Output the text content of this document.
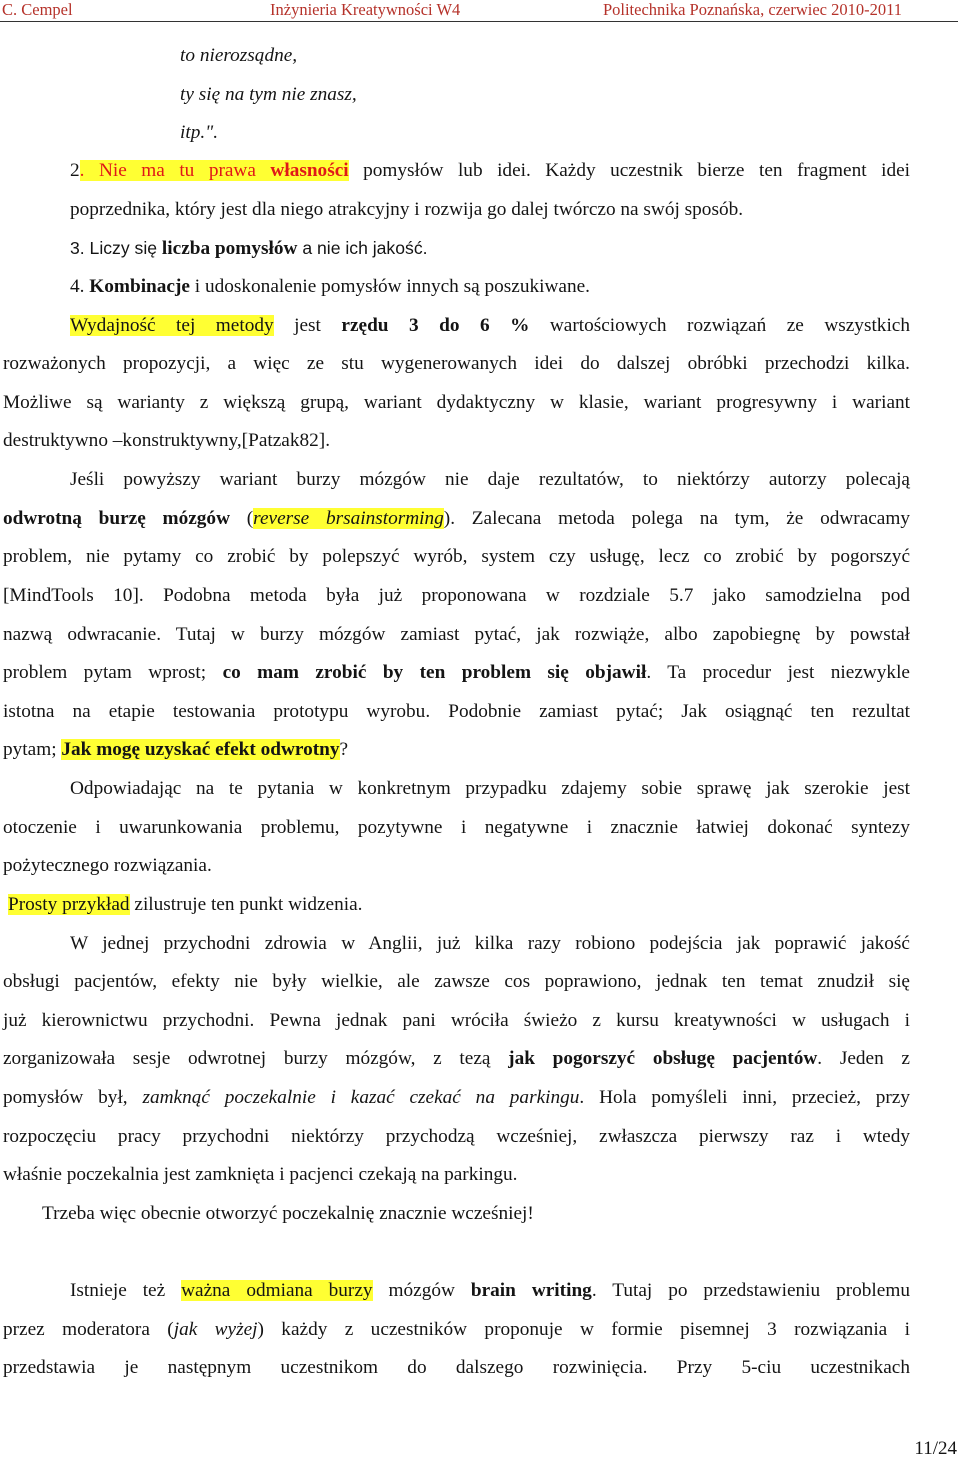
C. Cempel	Inżynieria Kreatywności W4	Politechnika Poznańska, czerwiec 2010-2011

to nierozsądne,

ty się na tym nie znasz,

itp.".

2. Nie ma tu prawa własności pomysłów lub idei. Każdy uczestnik bierze ten fragment idei

poprzednika, który jest dla niego atrakcyjny i rozwija go dalej twórczo na swój sposób.

3. Liczy się liczba pomysłów a nie ich jakość.

4. Kombinacje i udoskonalenie pomysłów innych są poszukiwane.

Wydajność tej metody jest rzędu 3 do 6 % wartościowych rozwiązań ze wszystkich

rozważonych propozycji, a więc ze stu wygenerowanych idei do dalszej obróbki przechodzi kilka.

Możliwe są warianty z większą grupą, wariant dydaktyczny w klasie, wariant progresywny i wariant

destruktywno –konstruktywny,[Patzak82].

Jeśli powyższy wariant burzy mózgów nie daje rezultatów, to niektórzy autorzy polecają

odwrotną burzę mózgów (reverse brsainstorming). Zalecana metoda polega na tym, że odwracamy

problem, nie pytamy co zrobić by polepszyć wyrób, system czy usługę, lecz co zrobić by pogorszyć

[MindTools 10]. Podobna metoda była już proponowana w rozdziale 5.7 jako samodzielna pod

nazwą odwracanie. Tutaj w burzy mózgów zamiast pytać, jak rozwiąże, albo zapobiegnę by powstał

problem pytam wprost; co mam zrobić by ten problem się objawił. Ta procedur jest niezwykle

istotna na etapie testowania prototypu wyrobu. Podobnie zamiast pytać; Jak osiągnąć ten rezultat

pytam; Jak mogę uzyskać efekt odwrotny?

Odpowiadając na te pytania w konkretnym przypadku zdajemy sobie sprawę jak szerokie jest

otoczenie i uwarunkowania problemu, pozytywne i negatywne i znacznie łatwiej dokonać syntezy

pożytecznego rozwiązania.

Prosty przykład zilustruje ten punkt widzenia.

W jednej przychodni zdrowia w Anglii, już kilka razy robiono podejścia jak poprawić jakość

obsługi pacjentów, efekty nie były wielkie, ale zawsze cos poprawiono, jednak ten temat znudził się

już kierownictwu przychodni. Pewna jednak pani wróciła świeżo z kursu kreatywności w usługach i

zorganizowała sesje odwrotnej burzy mózgów, z tezą jak pogorszyć obsługę pacjentów. Jeden z

pomysłów był, zamknąć poczekalnie i kazać czekać na parkingu. Hola pomyśleli inni, przecież, przy

rozpoczęciu pracy przychodni niektórzy przychodzą wcześniej, zwłaszcza pierwszy raz i wtedy

właśnie poczekalnia jest zamknięta i pacjenci czekają na parkingu.

Trzeba więc obecnie otworzyć poczekalnię znacznie wcześniej!

Istnieje też ważna odmiana burzy mózgów brain writing. Tutaj po przedstawieniu problemu

przez moderatora (jak wyżej) każdy z uczestników proponuje w formie pisemnej 3 rozwiązania i

przedstawia je następnym uczestnikom do dalszego rozwinięcia. Przy 5-ciu uczestnikach

11/24
